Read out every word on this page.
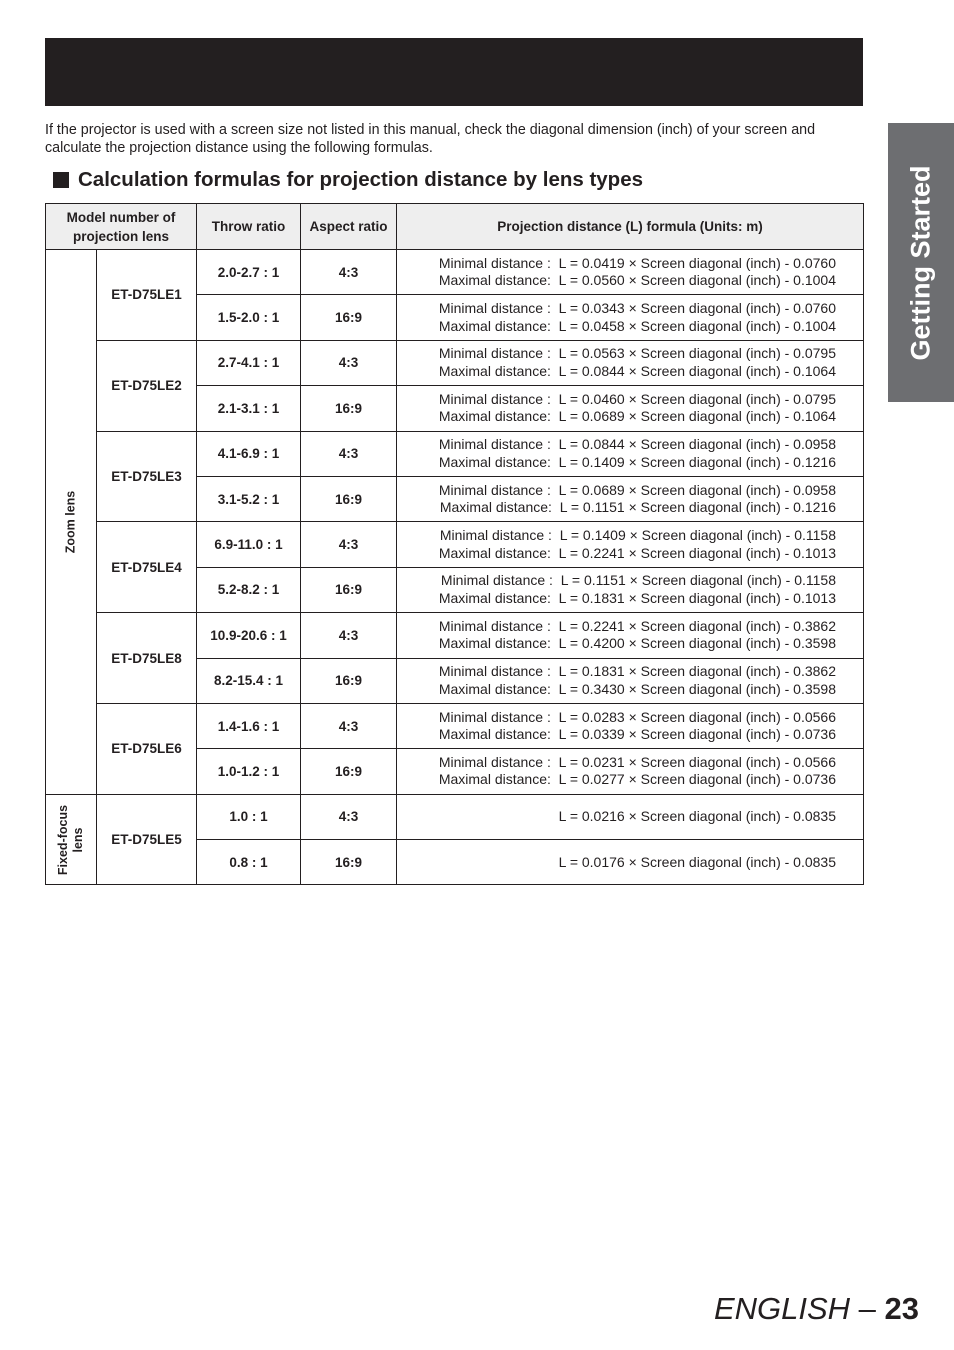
Getting Started

If the projector is used with a screen size not listed in this manual, check the diagonal dimension (inch) of your screen and calculate the projection distance using the following formulas.

Calculation formulas for projection distance by lens types
Model number of projection lens		Throw ratio	Aspect ratio	Projection distance (L) formula (Units: m)

Zoom lens	ET-D75LE1	2.0-2.7 : 1	4:3	Minimal distance : L = 0.0419 × Screen diagonal (inch) - 0.0760
Maximal distance: L = 0.0560 × Screen diagonal (inch) - 0.1004

		1.5-2.0 : 1	16:9	Minimal distance : L = 0.0343 × Screen diagonal (inch) - 0.0760
Maximal distance: L = 0.0458 × Screen diagonal (inch) - 0.1004

	ET-D75LE2	2.7-4.1 : 1	4:3	Minimal distance : L = 0.0563 × Screen diagonal (inch) - 0.0795
Maximal distance: L = 0.0844 × Screen diagonal (inch) - 0.1064

		2.1-3.1 : 1	16:9	Minimal distance : L = 0.0460 × Screen diagonal (inch) - 0.0795
Maximal distance: L = 0.0689 × Screen diagonal (inch) - 0.1064

	ET-D75LE3	4.1-6.9 : 1	4:3	Minimal distance : L = 0.0844 × Screen diagonal (inch) - 0.0958
Maximal distance: L = 0.1409 × Screen diagonal (inch) - 0.1216

		3.1-5.2 : 1	16:9	Minimal distance : L = 0.0689 × Screen diagonal (inch) - 0.0958
Maximal distance: L = 0.1151 × Screen diagonal (inch) - 0.1216

	ET-D75LE4	6.9-11.0 : 1	4:3	Minimal distance : L = 0.1409 × Screen diagonal (inch) - 0.1158
Maximal distance: L = 0.2241 × Screen diagonal (inch) - 0.1013

		5.2-8.2 : 1	16:9	Minimal distance : L = 0.1151 × Screen diagonal (inch) - 0.1158
Maximal distance: L = 0.1831 × Screen diagonal (inch) - 0.1013

	ET-D75LE8	10.9-20.6 : 1	4:3	Minimal distance : L = 0.2241 × Screen diagonal (inch) - 0.3862
Maximal distance: L = 0.4200 × Screen diagonal (inch) - 0.3598

		8.2-15.4 : 1	16:9	Minimal distance : L = 0.1831 × Screen diagonal (inch) - 0.3862
Maximal distance: L = 0.3430 × Screen diagonal (inch) - 0.3598

	ET-D75LE6	1.4-1.6 : 1	4:3	Minimal distance : L = 0.0283 × Screen diagonal (inch) - 0.0566
Maximal distance: L = 0.0339 × Screen diagonal (inch) - 0.0736

		1.0-1.2 : 1	16:9	Minimal distance : L = 0.0231 × Screen diagonal (inch) - 0.0566
Maximal distance: L = 0.0277 × Screen diagonal (inch) - 0.0736

Fixed-focus lens	ET-D75LE5	1.0 : 1	4:3	L = 0.0216 × Screen diagonal (inch) - 0.0835

		0.8 : 1	16:9	L = 0.0176 × Screen diagonal (inch) - 0.0835
ENGLISH – 23
